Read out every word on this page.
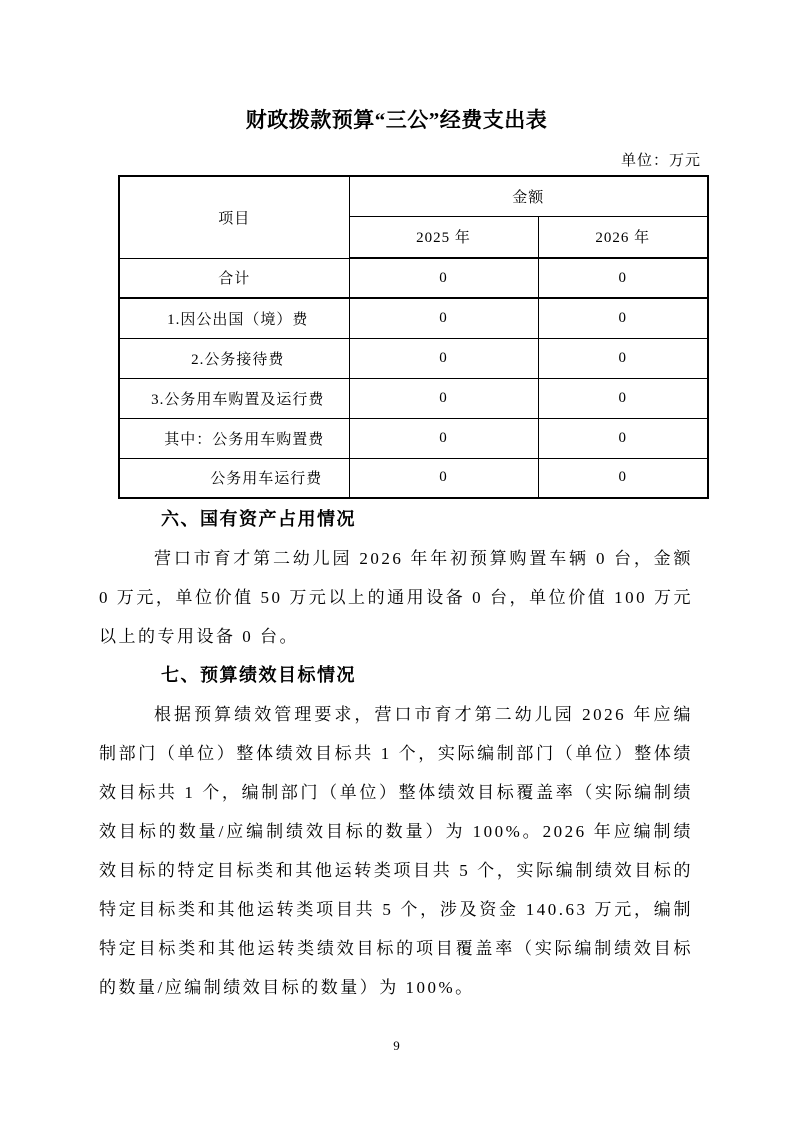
财政拨款预算“三公”经费支出表
单位：万元
项目	金额	
	2025 年	2026 年
合计	0	0
1.因公出国（境）费	0	0
2.公务接待费	0	0
3.公务用车购置及运行费	0	0
其中：公务用车购置费	0	0
公务用车运行费	0	0
六、国有资产占用情况
营口市育才第二幼儿园 2026 年年初预算购置车辆 0 台，金额 0 万元，单位价值 50 万元以上的通用设备 0 台，单位价值 100 万元以上的专用设备 0 台。
七、预算绩效目标情况
根据预算绩效管理要求，营口市育才第二幼儿园 2026 年应编制部门（单位）整体绩效目标共 1 个，实际编制部门（单位）整体绩效目标共 1 个，编制部门（单位）整体绩效目标覆盖率（实际编制绩效目标的数量/应编制绩效目标的数量）为 100%。2026 年应编制绩效目标的特定目标类和其他运转类项目共 5 个，实际编制绩效目标的特定目标类和其他运转类项目共 5 个，涉及资金 140.63 万元，编制特定目标类和其他运转类绩效目标的项目覆盖率（实际编制绩效目标的数量/应编制绩效目标的数量）为 100%。
9
